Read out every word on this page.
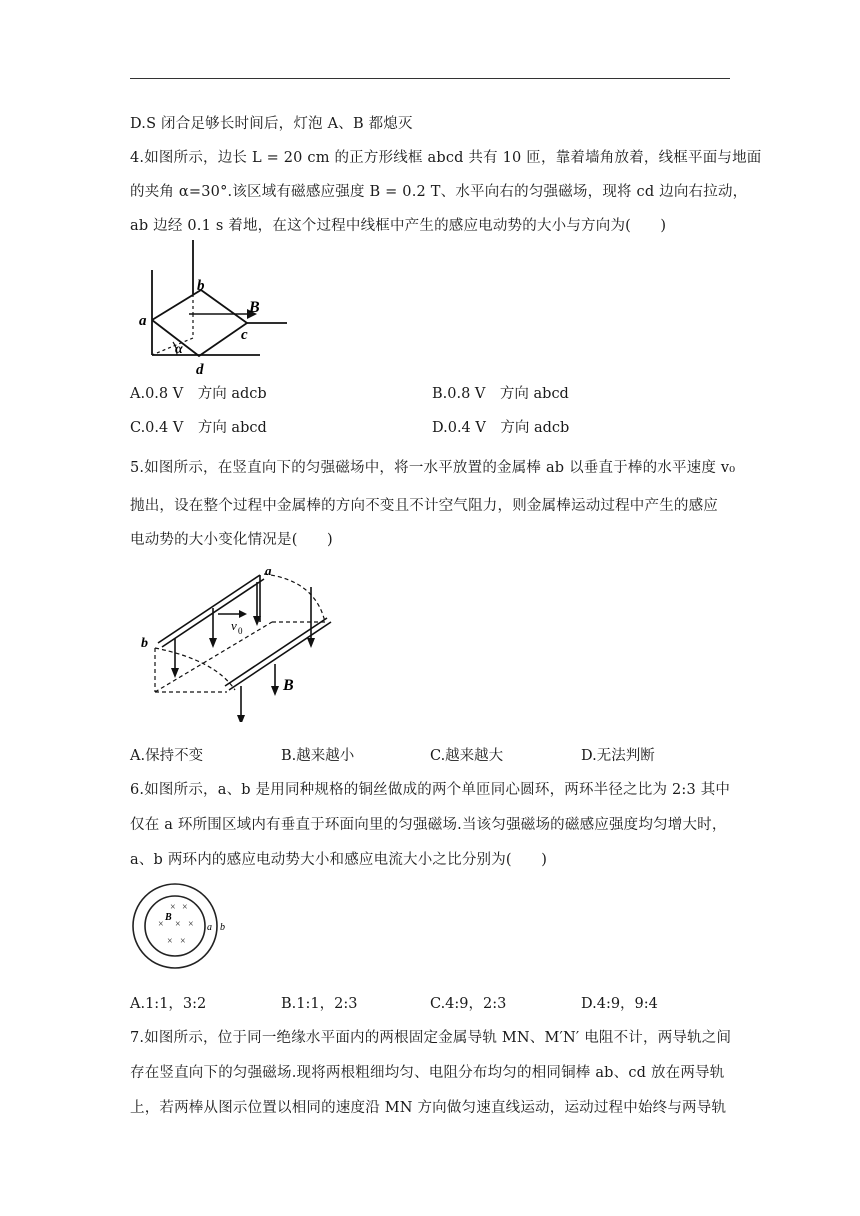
D.S 闭合足够长时间后，灯泡 A、B 都熄灭
4.如图所示，边长 L = 20 cm 的正方形线框 abcd 共有 10 匝，靠着墙角放着，线框平面与地面
的夹角 α=30°.该区域有磁感应强度 B = 0.2 T、水平向右的匀强磁场，现将 cd 边向右拉动，
ab 边经 0.1 s 着地，在这个过程中线框中产生的感应电动势的大小与方向为(　　)
b
a
c
d
B
α
A.0.8 V　方向 adcb	B.0.8 V　方向 abcd
C.0.4 V　方向 abcd	D.0.4 V　方向 adcb
5.如图所示，在竖直向下的匀强磁场中，将一水平放置的金属棒 ab 以垂直于棒的水平速度 v₀
抛出，设在整个过程中金属棒的方向不变且不计空气阻力，则金属棒运动过程中产生的感应
电动势的大小变化情况是(　　)
a
b
v 0
B
A.保持不变	B.越来越小	C.越来越大	D.无法判断
6.如图所示，a、b 是用同种规格的铜丝做成的两个单匝同心圆环，两环半径之比为 2:3 其中
仅在 a 环所围区域内有垂直于环面向里的匀强磁场.当该匀强磁场的磁感应强度均匀增大时，
a、b 两环内的感应电动势大小和感应电流大小之比分别为(　　)
× ×
× × ×
× ×
B
a b
A.1:1，3:2	B.1:1，2:3	C.4:9，2:3	D.4:9，9:4
7.如图所示，位于同一绝缘水平面内的两根固定金属导轨 MN、M′N′ 电阻不计，两导轨之间
存在竖直向下的匀强磁场.现将两根粗细均匀、电阻分布均匀的相同铜棒 ab、cd 放在两导轨
上，若两棒从图示位置以相同的速度沿 MN 方向做匀速直线运动，运动过程中始终与两导轨
